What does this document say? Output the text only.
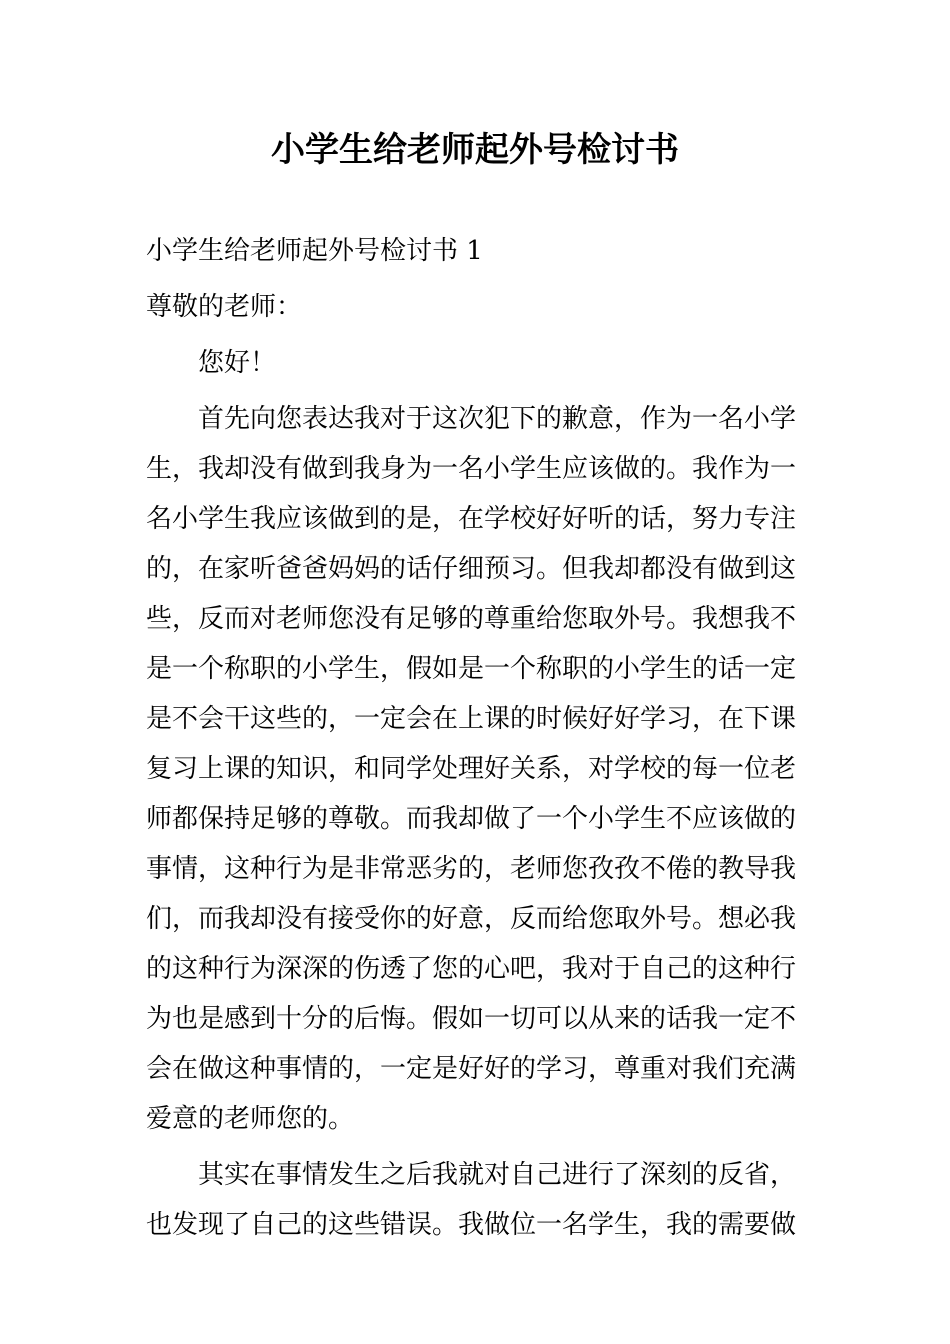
小学生给老师起外号检讨书

小学生给老师起外号检讨书 1

尊敬的老师：

您好！

首先向您表达我对于这次犯下的歉意，作为一名小学

生，我却没有做到我身为一名小学生应该做的。我作为一

名小学生我应该做到的是，在学校好好听的话，努力专注

的，在家听爸爸妈妈的话仔细预习。但我却都没有做到这

些，反而对老师您没有足够的尊重给您取外号。我想我不

是一个称职的小学生，假如是一个称职的小学生的话一定

是不会干这些的，一定会在上课的时候好好学习，在下课

复习上课的知识，和同学处理好关系，对学校的每一位老

师都保持足够的尊敬。而我却做了一个小学生不应该做的

事情，这种行为是非常恶劣的，老师您孜孜不倦的教导我

们，而我却没有接受你的好意，反而给您取外号。想必我

的这种行为深深的伤透了您的心吧，我对于自己的这种行

为也是感到十分的后悔。假如一切可以从来的话我一定不

会在做这种事情的，一定是好好的学习，尊重对我们充满

爱意的老师您的。

其实在事情发生之后我就对自己进行了深刻的反省，

也发现了自己的这些错误。我做位一名学生，我的需要做
